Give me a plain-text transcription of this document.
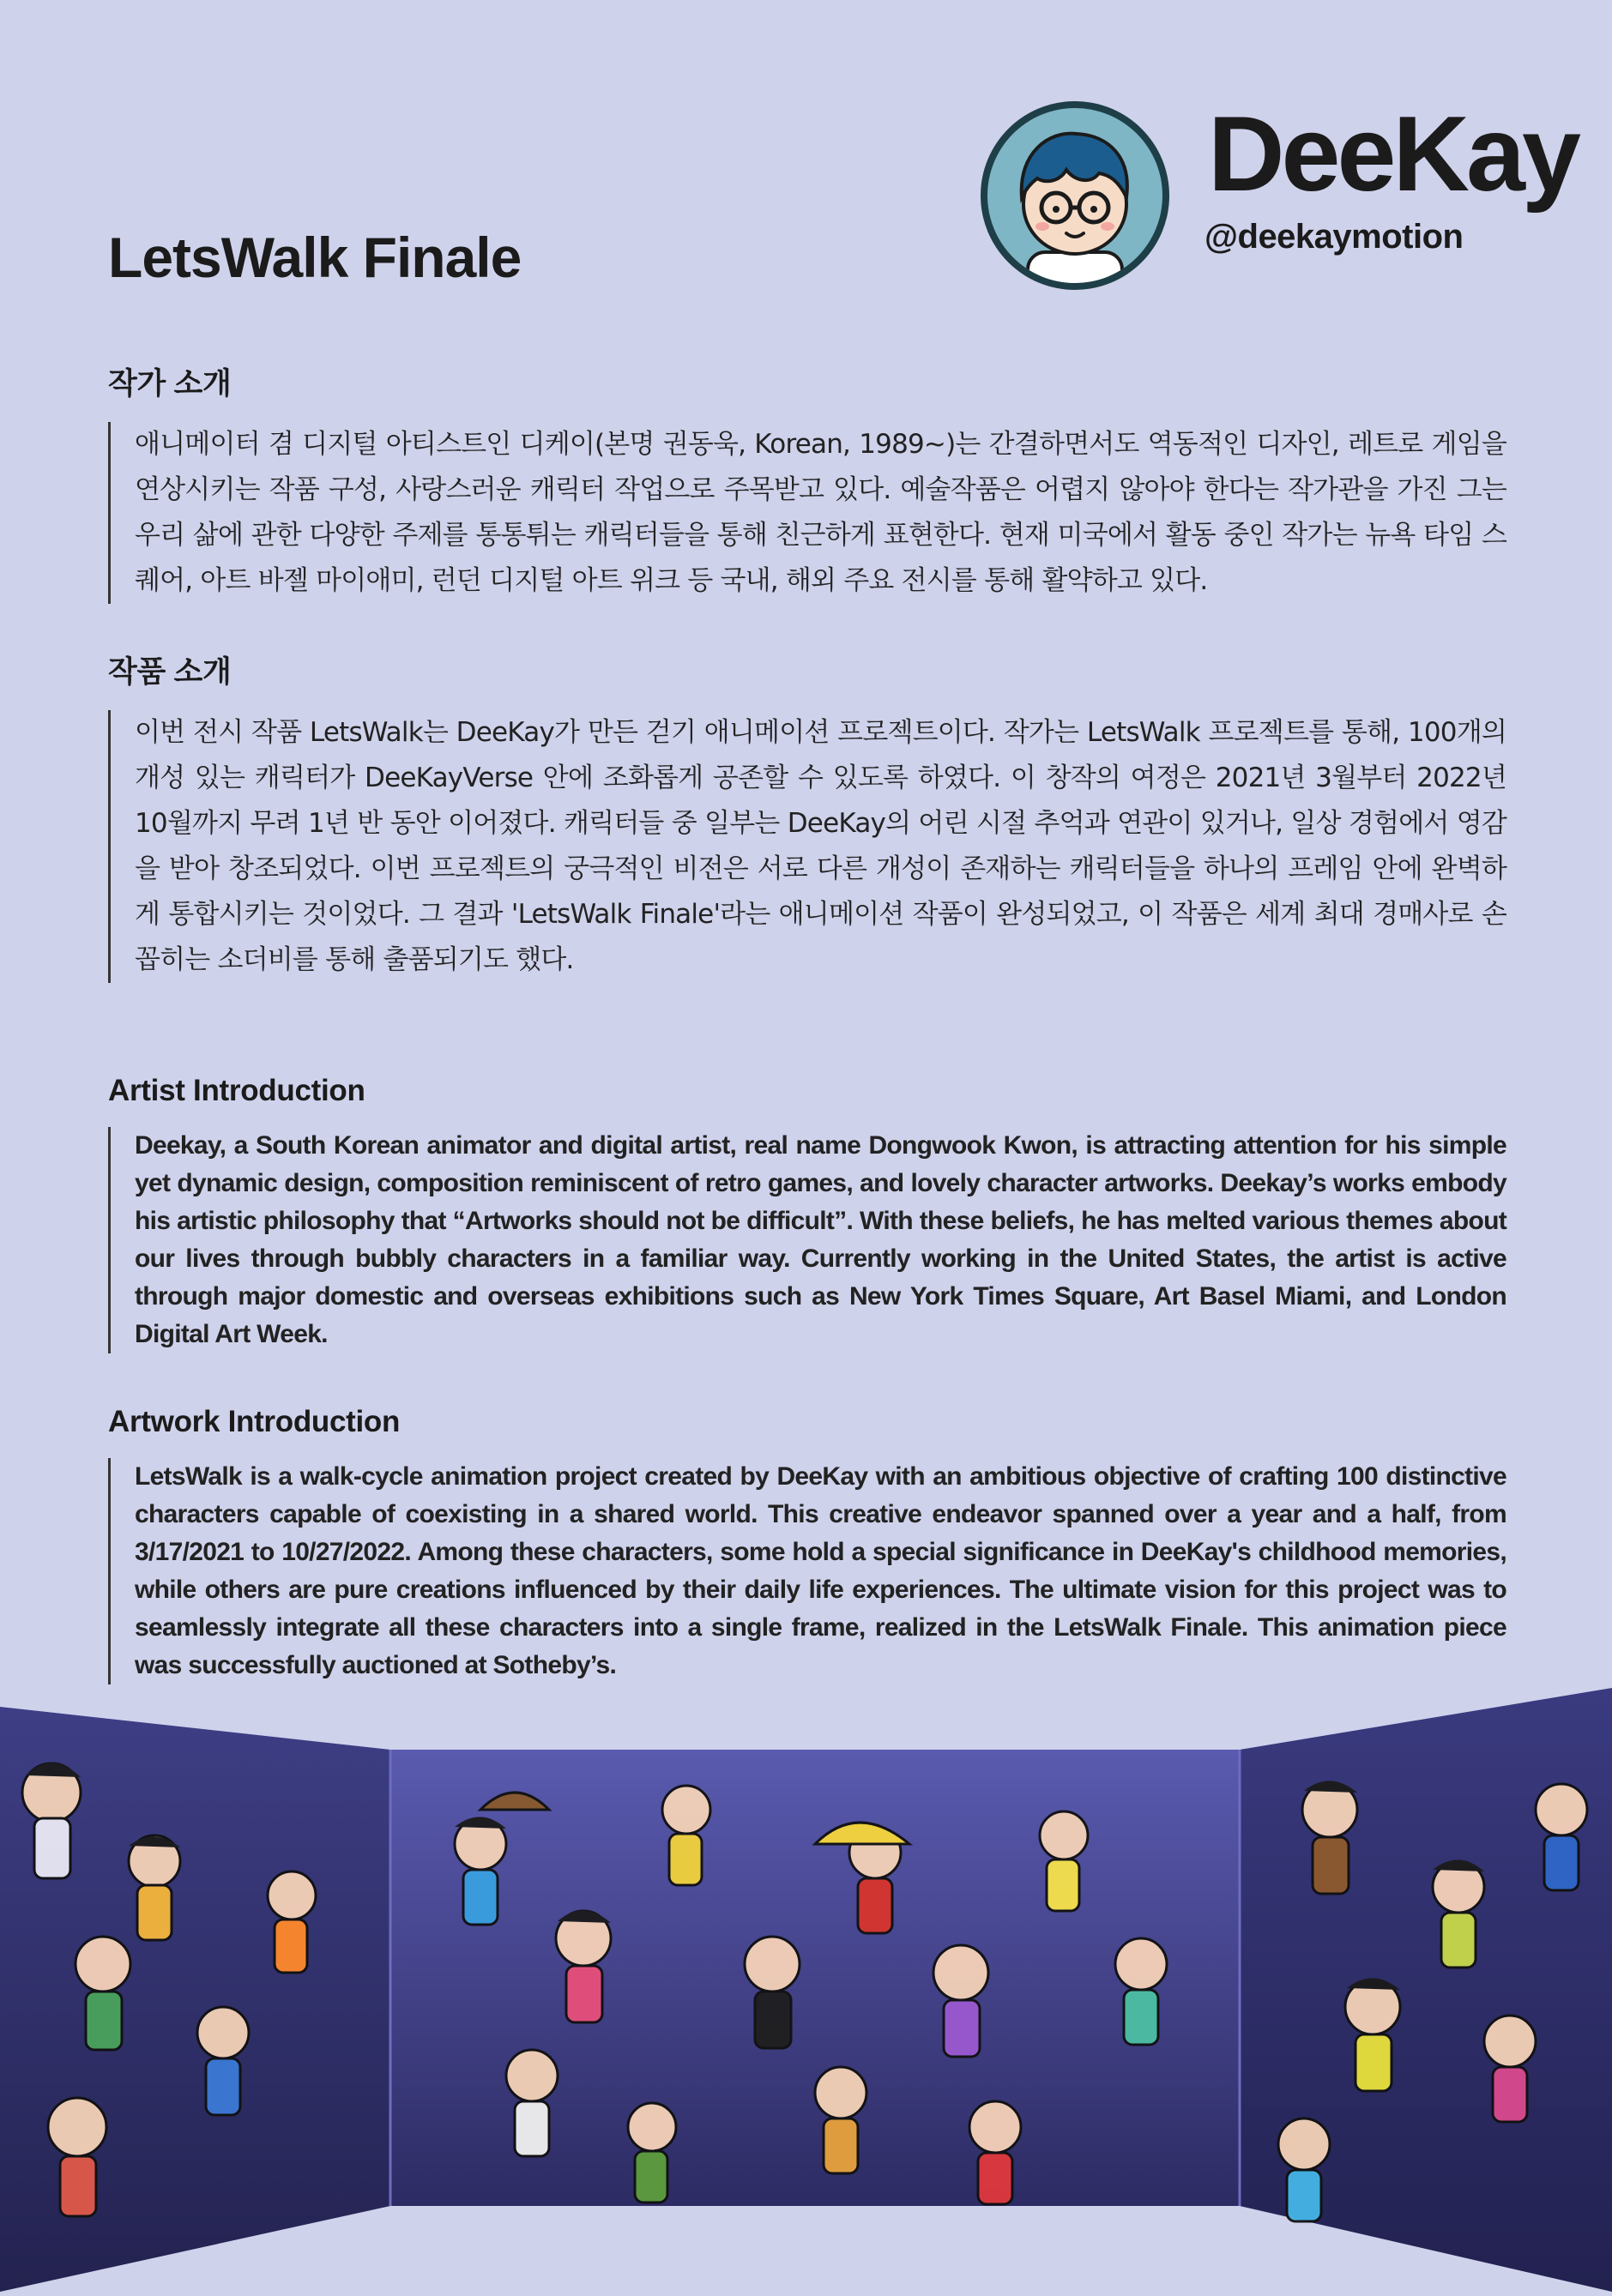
LetsWalk Finale
DeeKay
@deekaymotion
작가 소개

애니메이터 겸 디지털 아티스트인 디케이(본명 권동욱, Korean, 1989~)는 간결하면서도 역동적인 디자인, 레트로 게임을 연상시키는 작품 구성, 사랑스러운 캐릭터 작업으로 주목받고 있다. 예술작품은 어렵지 않아야 한다는 작가관을 가진 그는 우리 삶에 관한 다양한 주제를 통통튀는 캐릭터들을 통해 친근하게 표현한다. 현재 미국에서 활동 중인 작가는 뉴욕 타임 스퀘어, 아트 바젤 마이애미, 런던 디지털 아트 위크 등 국내, 해외 주요 전시를 통해 활약하고 있다.

작품 소개

이번 전시 작품 LetsWalk는 DeeKay가 만든 걷기 애니메이션 프로젝트이다. 작가는 LetsWalk 프로젝트를 통해, 100개의 개성 있는 캐릭터가 DeeKayVerse 안에 조화롭게 공존할 수 있도록 하였다. 이 창작의 여정은 2021년 3월부터 2022년 10월까지 무려 1년 반 동안 이어졌다. 캐릭터들 중 일부는 DeeKay의 어린 시절 추억과 연관이 있거나, 일상 경험에서 영감을 받아 창조되었다. 이번 프로젝트의 궁극적인 비전은 서로 다른 개성이 존재하는 캐릭터들을 하나의 프레임 안에 완벽하게 통합시키는 것이었다. 그 결과 'LetsWalk Finale'라는 애니메이션 작품이 완성되었고, 이 작품은 세계 최대 경매사로 손꼽히는 소더비를 통해 출품되기도 했다.

Artist Introduction

Deekay, a South Korean animator and digital artist, real name Dongwook Kwon, is attracting attention for his simple yet dynamic design, composition reminiscent of retro games, and lovely character artworks. Deekay’s works embody his artistic philosophy that “Artworks should not be difficult”. With these beliefs, he has melted various themes about our lives through bubbly characters in a familiar way. Currently working in the United States, the artist is active through major domestic and overseas exhibitions such as New York Times Square, Art Basel Miami, and London Digital Art Week.

Artwork Introduction

LetsWalk is a walk-cycle animation project created by DeeKay with an ambitious objective of crafting 100 distinctive characters capable of coexisting in a shared world. This creative endeavor spanned over a year and a half, from 3/17/2021 to 10/27/2022. Among these characters, some hold a special significance in DeeKay's childhood memories, while others are pure creations influenced by their daily life experiences. The ultimate vision for this project was to seamlessly integrate all these characters into a single frame, realized in the LetsWalk Finale. This animation piece was successfully auctioned at Sotheby’s.
